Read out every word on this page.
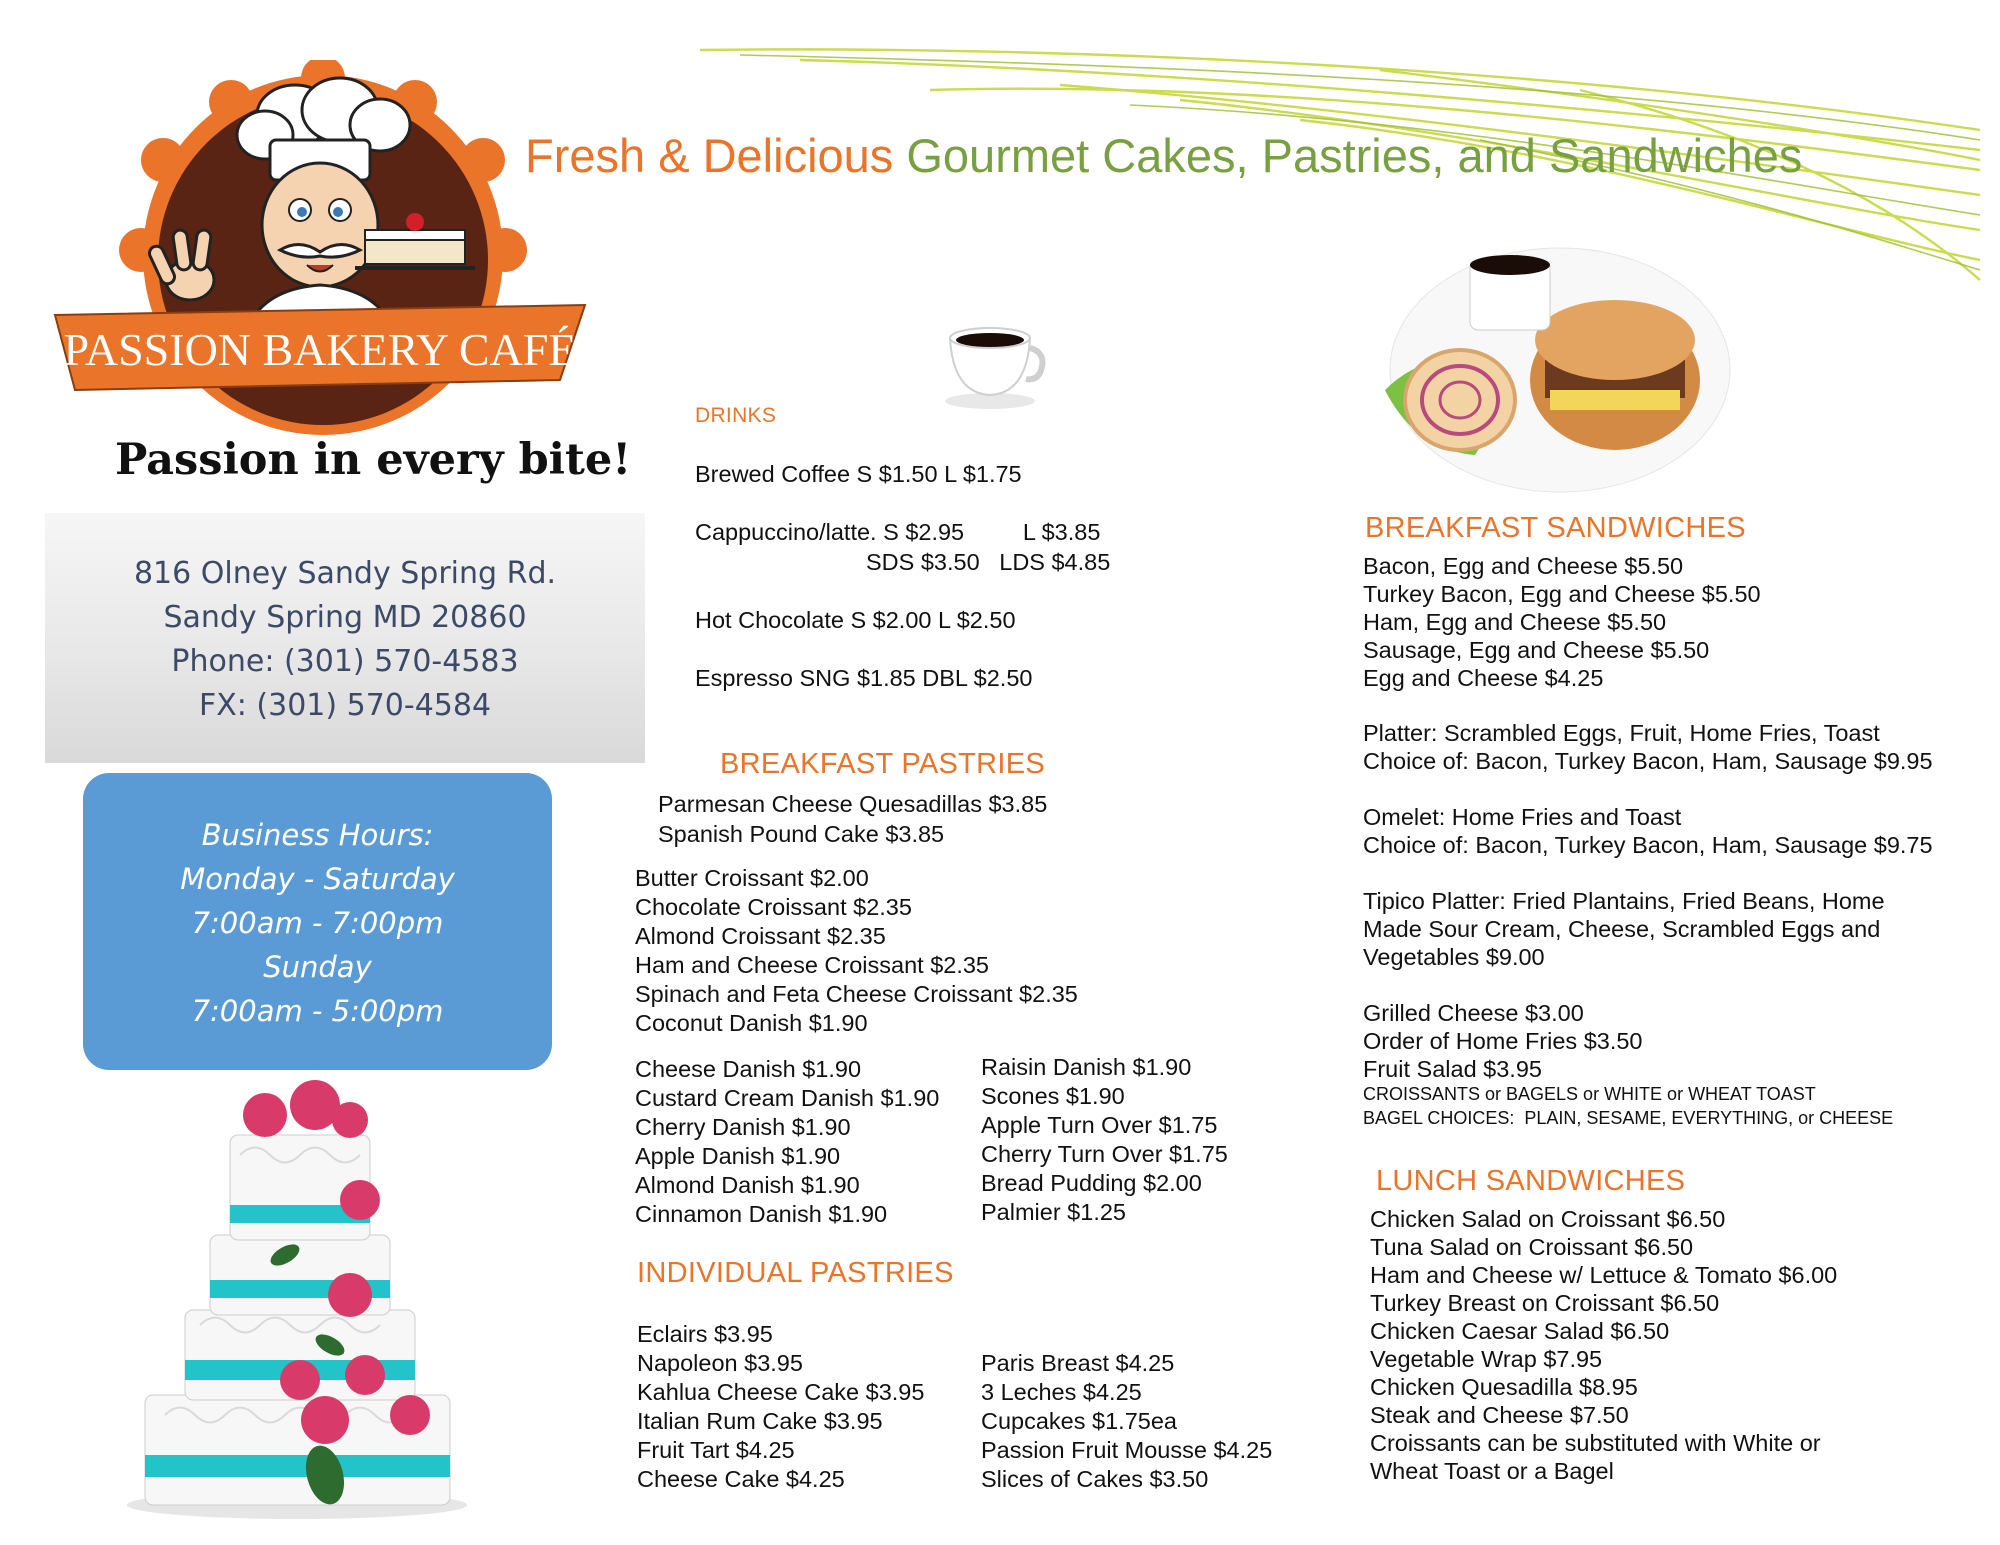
Fresh & Delicious Gourmet Cakes, Pastries, and Sandwiches
PASSION BAKERY CAFÉ
Passion in every bite!
816 Olney Sandy Spring Rd.
Sandy Spring MD 20860
Phone: (301) 570-4583
FX: (301) 570-4584
Business Hours:
Monday - Saturday
7:00am - 7:00pm
Sunday
7:00am - 5:00pm
DRINKS
Brewed Coffee S $1.50 L $1.75
Cappuccino/latte. S $2.95         L $3.85
SDS $3.50   LDS $4.85
Hot Chocolate S $2.00 L $2.50
Espresso SNG $1.85 DBL $2.50
BREAKFAST PASTRIES
Parmesan Cheese Quesadillas $3.85
Spanish Pound Cake $3.85
Butter Croissant $2.00
Chocolate Croissant $2.35
Almond Croissant $2.35
Ham and Cheese Croissant $2.35
Spinach and Feta Cheese Croissant $2.35
Coconut Danish $1.90
Cheese Danish $1.90
Custard Cream Danish $1.90
Cherry Danish $1.90
Apple Danish $1.90
Almond Danish $1.90
Cinnamon Danish $1.90
Raisin Danish $1.90
Scones $1.90
Apple Turn Over $1.75
Cherry Turn Over $1.75
Bread Pudding $2.00
Palmier $1.25
INDIVIDUAL PASTRIES
Eclairs $3.95
Napoleon $3.95
Kahlua Cheese Cake $3.95
Italian Rum Cake $3.95
Fruit Tart $4.25
Cheese Cake $4.25
Paris Breast $4.25
3 Leches $4.25
Cupcakes $1.75ea
Passion Fruit Mousse $4.25
Slices of Cakes $3.50
BREAKFAST SANDWICHES
Bacon, Egg and Cheese $5.50
Turkey Bacon, Egg and Cheese $5.50
Ham, Egg and Cheese $5.50
Sausage, Egg and Cheese $5.50
Egg and Cheese $4.25
Platter: Scrambled Eggs, Fruit, Home Fries, Toast
Choice of: Bacon, Turkey Bacon, Ham, Sausage $9.95
Omelet: Home Fries and Toast
Choice of: Bacon, Turkey Bacon, Ham, Sausage $9.75
Tipico Platter: Fried Plantains, Fried Beans, Home
Made Sour Cream, Cheese, Scrambled Eggs and
Vegetables $9.00
Grilled Cheese $3.00
Order of Home Fries $3.50
Fruit Salad $3.95
CROISSANTS or BAGELS or WHITE or WHEAT TOAST
BAGEL CHOICES:  PLAIN, SESAME, EVERYTHING, or CHEESE
LUNCH SANDWICHES
Chicken Salad on Croissant $6.50
Tuna Salad on Croissant $6.50
Ham and Cheese w/ Lettuce & Tomato $6.00
Turkey Breast on Croissant $6.50
Chicken Caesar Salad $6.50
Vegetable Wrap $7.95
Chicken Quesadilla $8.95
Steak and Cheese $7.50
Croissants can be substituted with White or
Wheat Toast or a Bagel
